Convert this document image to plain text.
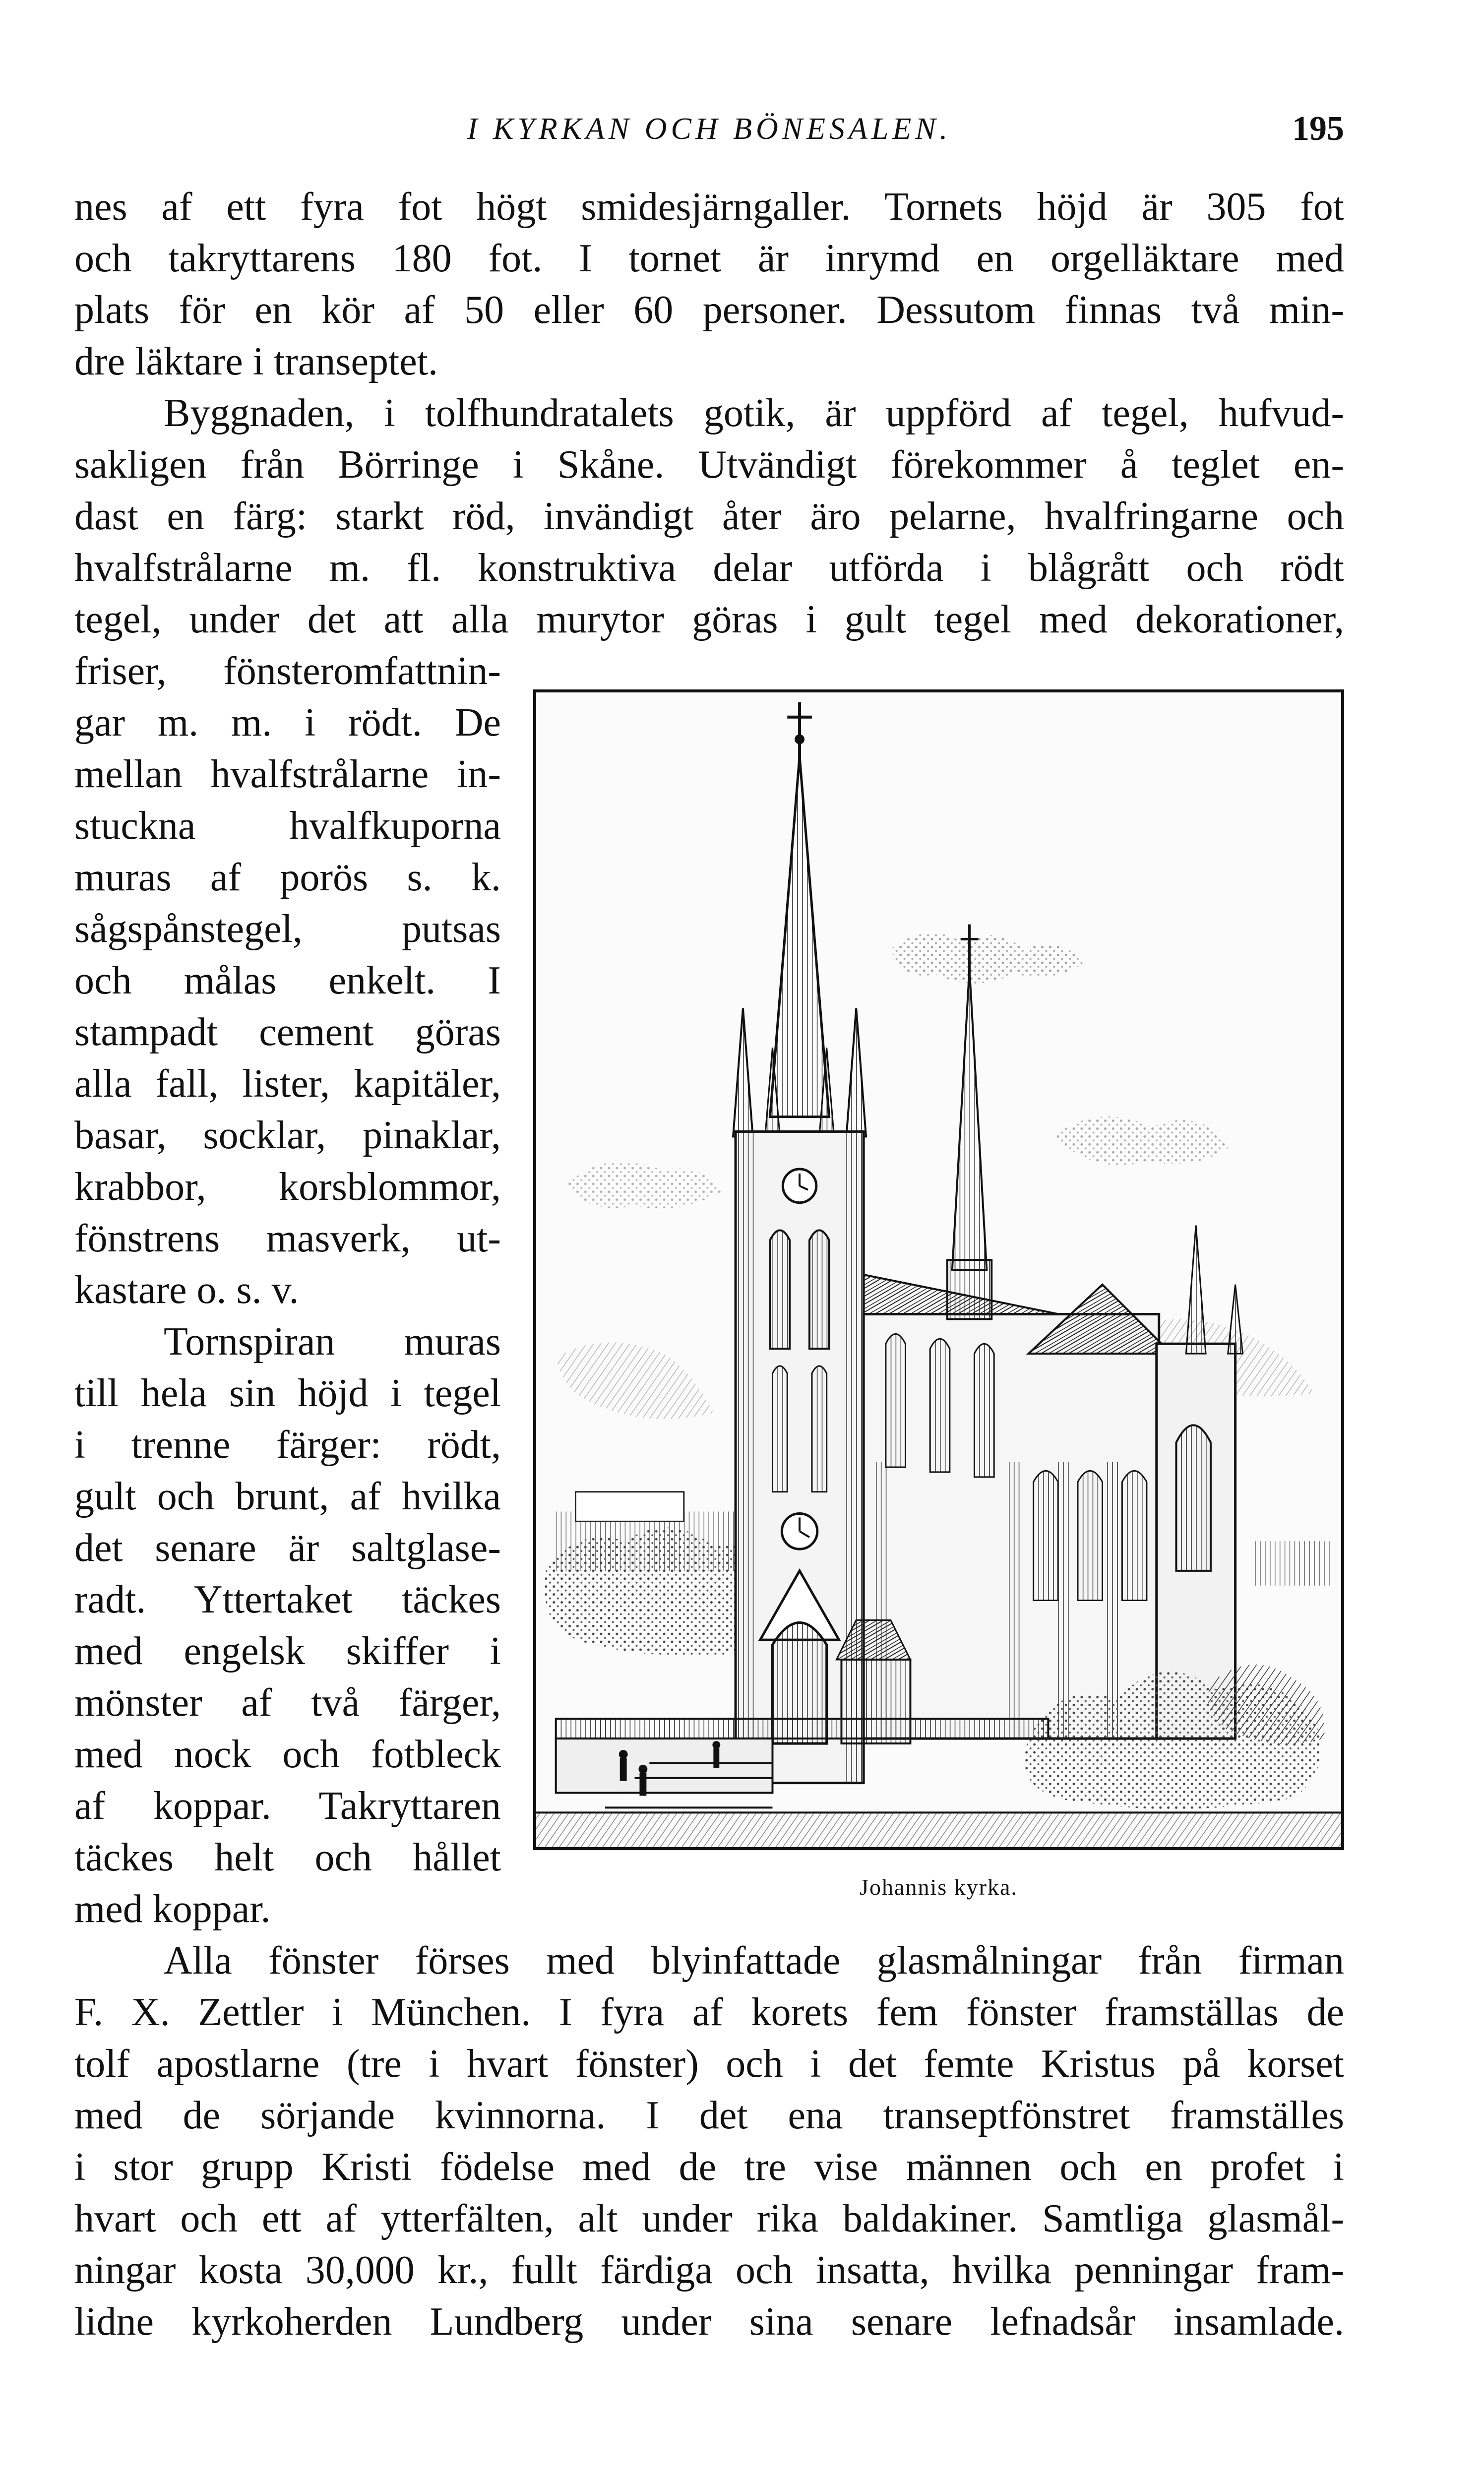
I KYRKAN OCH BÖNESALEN.	195
nes af ett fyra fot högt smidesjärngaller. Tornets höjd är 305 fot
och takryttarens 180 fot. I tornet är inrymd en orgelläktare med
plats för en kör af 50 eller 60 personer. Dessutom finnas två min-
dre läktare i transeptet.
Byggnaden, i tolfhundratalets gotik, är uppförd af tegel, hufvud-
sakligen från Börringe i Skåne. Utvändigt förekommer å teglet en-
dast en färg: starkt röd, invändigt åter äro pelarne, hvalfringarne och
hvalfstrålarne m. fl. konstruktiva delar utförda i blågrått och rödt
tegel, under det att alla murytor göras i gult tegel med dekorationer,
friser, fönsteromfattnin-
gar m. m. i rödt. De
mellan hvalfstrålarne in-
stuckna hvalfkuporna
muras af porös s. k.
sågspånstegel, putsas
och målas enkelt. I
stampadt cement göras
alla fall, lister, kapitäler,
basar, socklar, pinaklar,
krabbor, korsblommor,
fönstrens masverk, ut-
kastare o. s. v.
Tornspiran muras
till hela sin höjd i tegel
i trenne färger: rödt,
gult och brunt, af hvilka
det senare är saltglase-
radt. Yttertaket täckes
med engelsk skiffer i
mönster af två färger,
med nock och fotbleck
af koppar. Takryttaren
täckes helt och hållet
med koppar.
Alla fönster förses med blyinfattade glasmålningar från firman
F. X. Zettler i München. I fyra af korets fem fönster framställas de
tolf apostlarne (tre i hvart fönster) och i det femte Kristus på korset
med de sörjande kvinnorna. I det ena transeptfönstret framställes
i stor grupp Kristi födelse med de tre vise männen och en profet i
hvart och ett af ytterfälten, alt under rika baldakiner. Samtliga glasmål-
ningar kosta 30,000 kr., fullt färdiga och insatta, hvilka penningar fram-
lidne kyrkoherden Lundberg under sina senare lefnadsår insamlade.
Johannis kyrka.
